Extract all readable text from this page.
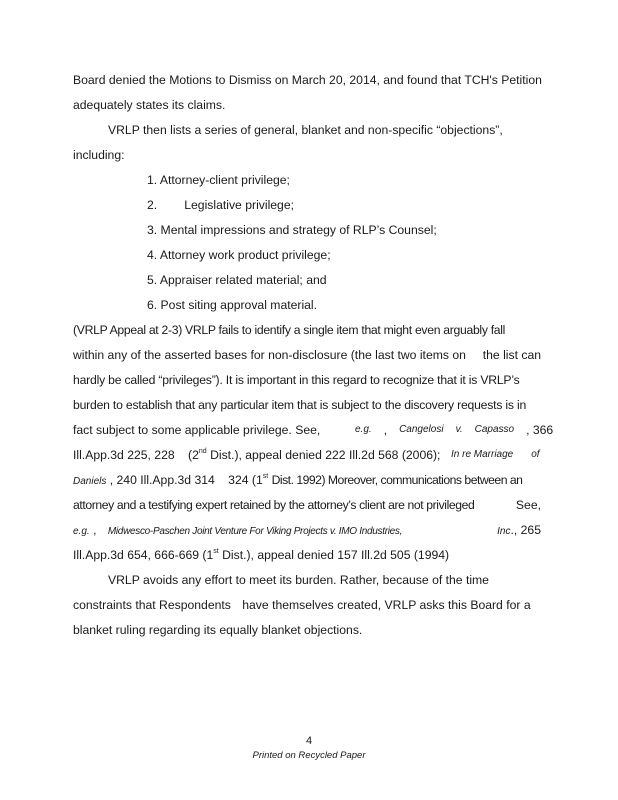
Board denied the Motions to Dismiss on March 20, 2014 , and found that TCH 's Petition
adequately states its claims.
VRLP then lists a series of general, blanket and non-specific “objections”,
including:
1. Attorney-client privilege;
2.        Legislative privilege;
3. Mental impressions and strategy of RLP’s Counsel;
4. Attorney work product privilege;
5. Appraiser related material; and
6. Post siting approval material.
(VRLP Appeal at 2-3) VRLP fails to identify a single item that might even arguably fall
within any of the asserted bases for non-disclosure (the last two items on the list can
hardly be called “privileges”). It is important in this regard to recognize that it is VRLP’s
burden to establish that any particular item that is subject to the discovery requests is in
fact subject to some applicable privilege. See,	e.g. , Cangelosi v. Capasso , 366
Ill.App.3d 225, 228 (2nd Dist.), appeal denied 222 Ill.2d 568 (2006); In re Marriage of
Daniels , 240 Ill.App.3d 314 324 (1st Dist. 1992) Moreover, communications between an
attorney and a testifying expert retained by the attorney’s client are not privileged	See,
e.g. , Midwesco-Paschen Joint Venture For Viking Projects v. IMO Industries,	Inc., 265
Ill.App.3d 654, 666-669 (1st Dist.), appeal denied 157 Ill.2d 505 (1994)
VRLP avoids any effort to meet its burden. Rather, because of the time
constraints that Respondents have themselves created, VRLP asks this Board for a
blanket ruling regarding its equally blanket objections.
4
Printed on Recycled Paper
